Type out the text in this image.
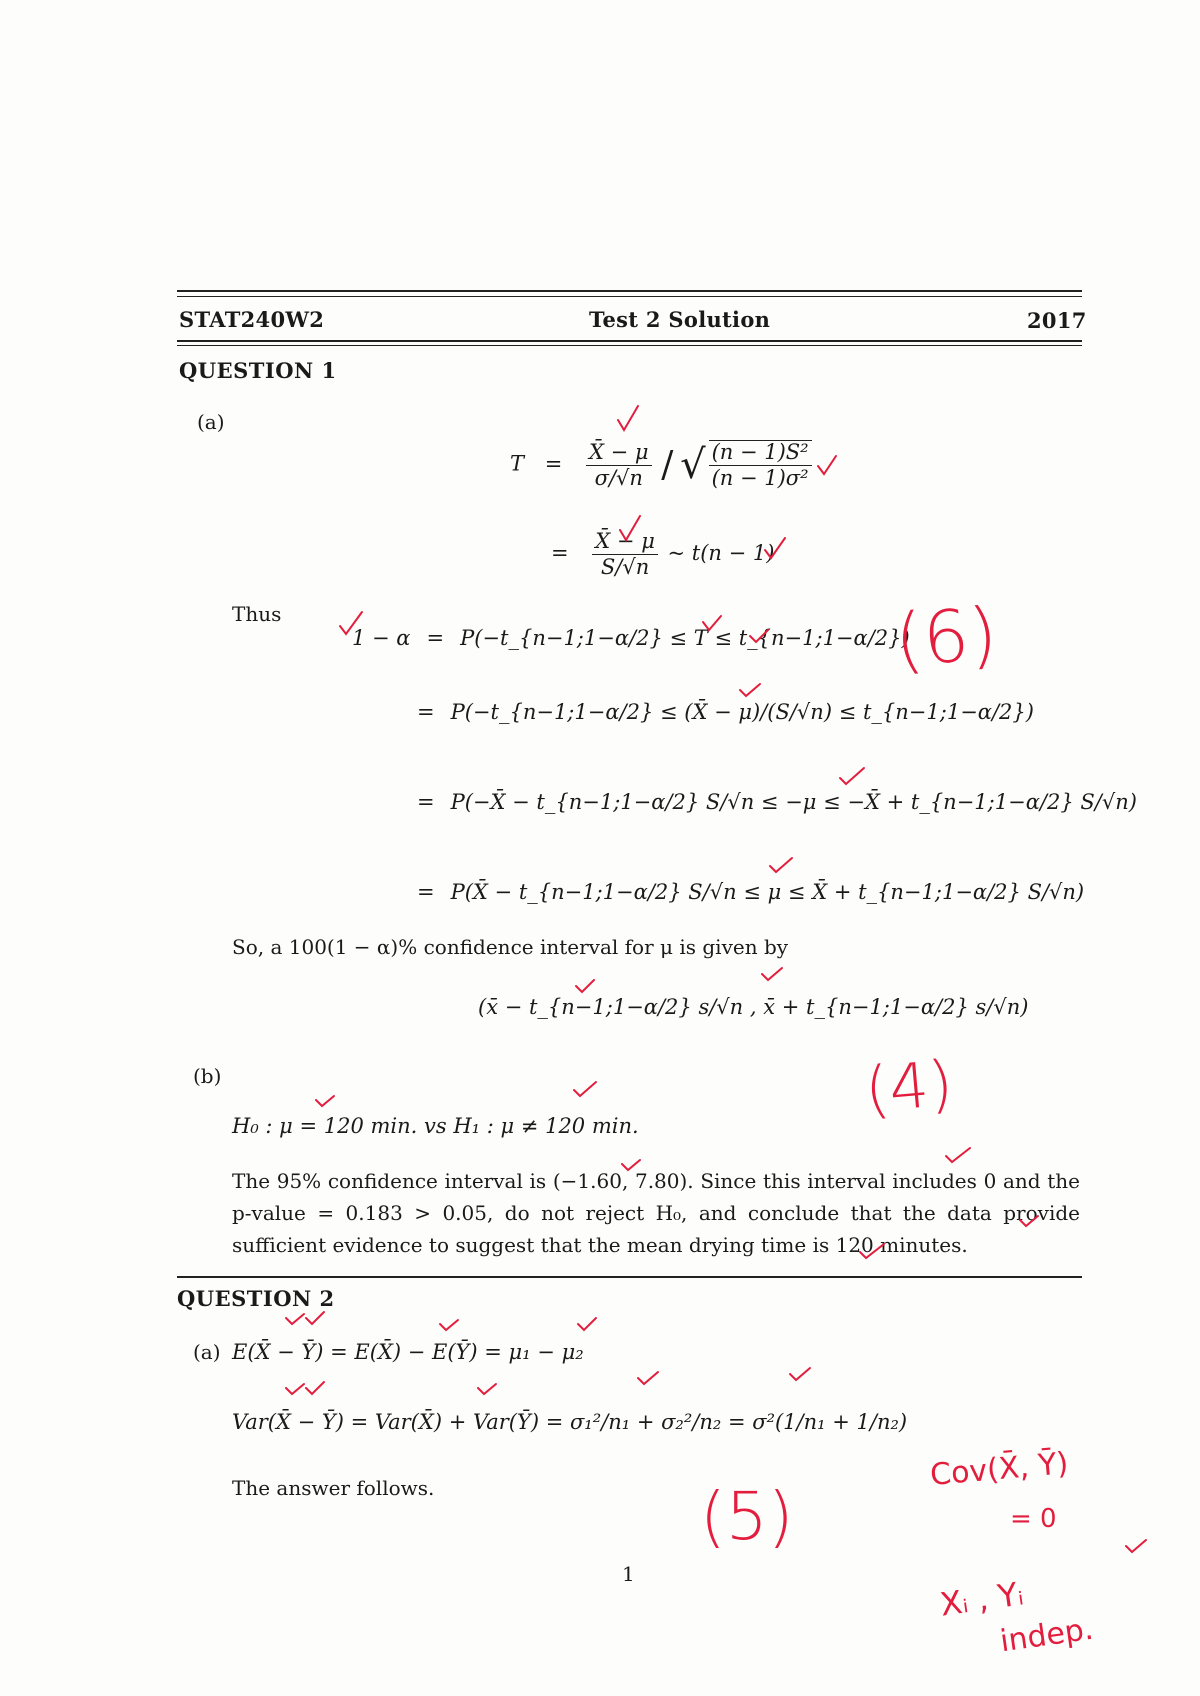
STAT240W2	Test 2 Solution	2017
QUESTION 1
(a)
$T = \frac{X̄ - \mu}{\sigma/√n}$ / √ $\frac{\text{(n − 1)S²}}{\text{(n − 1)σ²}}$
= $\frac{X̄ - \mu}{S/√n}$ ~ t(n − 1)
Thus
1 − α = P(−t_{n−1;1−α/2} ≤ T ≤ t_{n−1;1−α/2})
= P(−t_{n−1;1−α/2} ≤ (X̄ − μ)/(S/√n) ≤ t_{n−1;1−α/2})
= P(−X̄ − t_{n−1;1−α/2} S/√n ≤ −μ ≤ −X̄ + t_{n−1;1−α/2} S/√n)
= P(X̄ − t_{n−1;1−α/2} S/√n ≤ μ ≤ X̄ + t_{n−1;1−α/2} S/√n)
So, a 100(1 − α)% confidence interval for μ is given by
(x̄ − t_{n−1;1−α/2} s/√n , x̄ + t_{n−1;1−α/2} s/√n)
(b)
H₀ : μ = 120 min. vs H₁ : μ ≠ 120 min.
The 95% confidence interval is (−1.60, 7.80). Since this interval includes 0 and the p-value = 0.183 > 0.05, do not reject H₀, and conclude that the data provide sufficient evidence to suggest that the mean drying time is 120 minutes.
QUESTION 2
(a) E(X̄ − Ȳ) = E(X̄) − E(Ȳ) = μ₁ − μ₂
Var(X̄ − Ȳ) = Var(X̄) + Var(Ȳ) = σ₁²/n₁ + σ₂²/n₂ = σ²(1/n₁ + 1/n₂)
The answer follows.
1
(6)
(4)
(5)
Cov(X̄, Ȳ)
= 0
Xᵢ , Yᵢ
indep.
